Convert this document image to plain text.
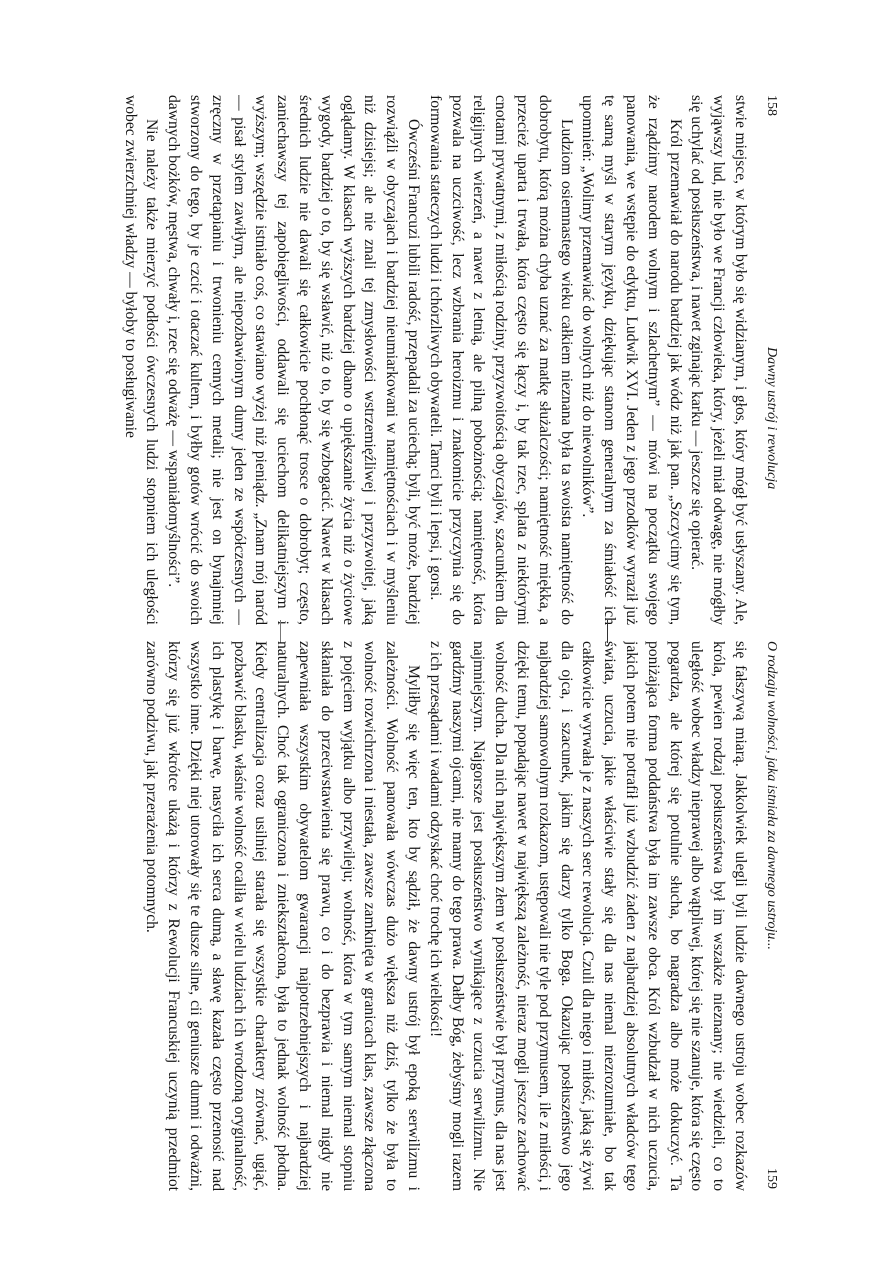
158
Dawny ustrój i rewolucja

stwie miejsce, w którym było się widzianym, i głos, który mógł być usłyszany. Ale, wyjąwszy lud, nie było we Francji człowieka, który, jeżeli miał odwagę, nie mógłby się uchylać od posłuszeństwa, i nawet zginając karku — jeszcze się opierać.

Król przemawiał do narodu bardziej jak wódz niż jak pan. „Szczycimy się tym, że rządzimy narodem wolnym i szlachetnym” — mówi na początku swojego panowania, we wstępie do edyktu, Ludwik XVI. Jeden z jego przodków wyraził już tę samą myśl w starym języku, dziękując stanom generalnym za śmiałość ich upomnień: „Wolimy przemawiać do wolnych niż do niewolników”.

Ludziom osiemnastego wieku całkiem nieznana była ta swoista namiętność do dobrobytu, którą można chyba uznać za matkę służalczości; namiętność miękka, a przecież uparta i trwała, która często się łączy i, by tak rzec, splata z niektórymi cnotami prywatnymi, z miłością rodziny, przyzwoitością obyczajów, szacunkiem dla religijnych wierzeń, a nawet z letnią, ale pilną pobożnością; namiętność, która pozwala na uczciwość, lecz wzbrania heroizmu i znakomicie przyczynia się do formowania stateczych ludzi i tchórzliwych obywateli. Tamci byli i lepsi, i gorsi.

Ówcześni Francuzi lubili radość, przepadali za uciechą; byli, być może, bardziej rozwiąźli w obyczajach i bardziej nieumiarkowani w namiętnościach i w myśleniu niż dzisiejsi; ale nie znali tej zmysłowości wstrzemięźliwej i przyzwoitej, jaką oglądamy. W klasach wyższych bardziej dbano o upiększanie życia niż o życiowe wygody, bardziej o to, by się wsławić, niż o to, by się wzbogacić. Nawet w klasach średnich ludzie nie dawali się całkowicie pochłonąć trosce o dobrobyt; często, zaniechawszy tej zapobiegliwości, oddawali się uciechom delikatniejszym i wyższym; wszędzie istniało coś, co stawiano wyżej niż pieniądz. „Znam mój naród — pisał stylem zawiłym, ale niepozbawionym dumy jeden ze współczesnych — zręczny w przetapianiu i trwonieniu cennych metali; nie jest on bynajmniej stworzony do tego, by je czcić i otaczać kultem, i byłby gotów wrócić do swoich dawnych bożków, męstwa, chwały i, rzec się odważę — wspaniałomyślności”.

Nie należy także mierzyć podłości ówczesnych ludzi stopniem ich uległości wobec zwierzchniej władzy — byłoby to posługiwanie

O rodzaju wolności, jaka istniała za dawnego ustroju...
159

się fałszywą miarą. Jakkolwiek ulegli byli ludzie dawnego ustroju wobec rozkazów króla, pewien rodzaj posłuszeństwa był im wszakże nieznany; nie wiedzieli, co to uległość wobec władzy nieprawej albo wątpliwej, której się nie szanuje, która się często pogardza, ale której się potulnie słucha, bo nagradza albo może dokuczyć. Ta poniżająca forma poddaństwa była im zawsze obca. Król wzbudzał w nich uczucia, jakich potem nie potrafił już wzbudzić żaden z najbardziej absolutnych władców tego świata, uczucia, jakie właściwie stały się dla nas niemal niezrozumiałe, bo tak całkowicie wyrwała je z naszych serc rewolucja. Czuli dla niego i miłość, jaką się żywi dla ojca, i szacunek, jakim się darzy tylko Boga. Okazując posłuszeństwo jego najbardziej samowolnym rozkazom, ustępowali nie tyle pod przymusem, ile z miłości, i dzięki temu, popadając nawet w największą zależność, nieraz mogli jeszcze zachować wolność ducha. Dla nich największym złem w posłuszeństwie był przymus, dla nas jest najmniejszym. Najgorsze jest posłuszeństwo wynikające z uczucia serwilizmu. Nie gardźmy naszymi ojcami, nie mamy do tego prawa. Dałby Bóg, żebyśmy mogli razem z ich przesądami i wadami odzyskać choć trochę ich wielkości!

Myliłby się więc ten, kto by sądził, że dawny ustrój był epoką serwilizmu i zależności. Wolność panowała wówczas dużo większa niż dziś, tylko że była to wolność rozwichrzona i niestała, zawsze zamknięta w granicach klas, zawsze złączona z pojęciem wyjątku albo przywileju; wolność, która w tym samym niemal stopniu skłaniała do przeciwstawienia się prawu, co i do bezprawia i niemal nigdy nie zapewniała wszystkim obywatelom gwarancji najpotrzebniejszych i najbardziej naturalnych. Choć tak ograniczona i zniekształcona, była to jednak wolność płodna. Kiedy centralizacja coraz usilniej starała się wszystkie charaktery zrównać, ugiąć, pozbawić blasku, właśnie wolność ocaliła w wielu ludziach ich wrodzoną oryginalność, ich plastykę i barwę, nasyciła ich serca dumą, a sławę kazała często przenosić nad wszystko inne. Dzięki niej utorowały się te dusze silne, cii geniusze dumni i odważni, którzy się już wkrótce ukażą i którzy z Rewolucji Francuskiej uczynią przedmiot zarówno podziwu, jak przerażenia potomnych.
